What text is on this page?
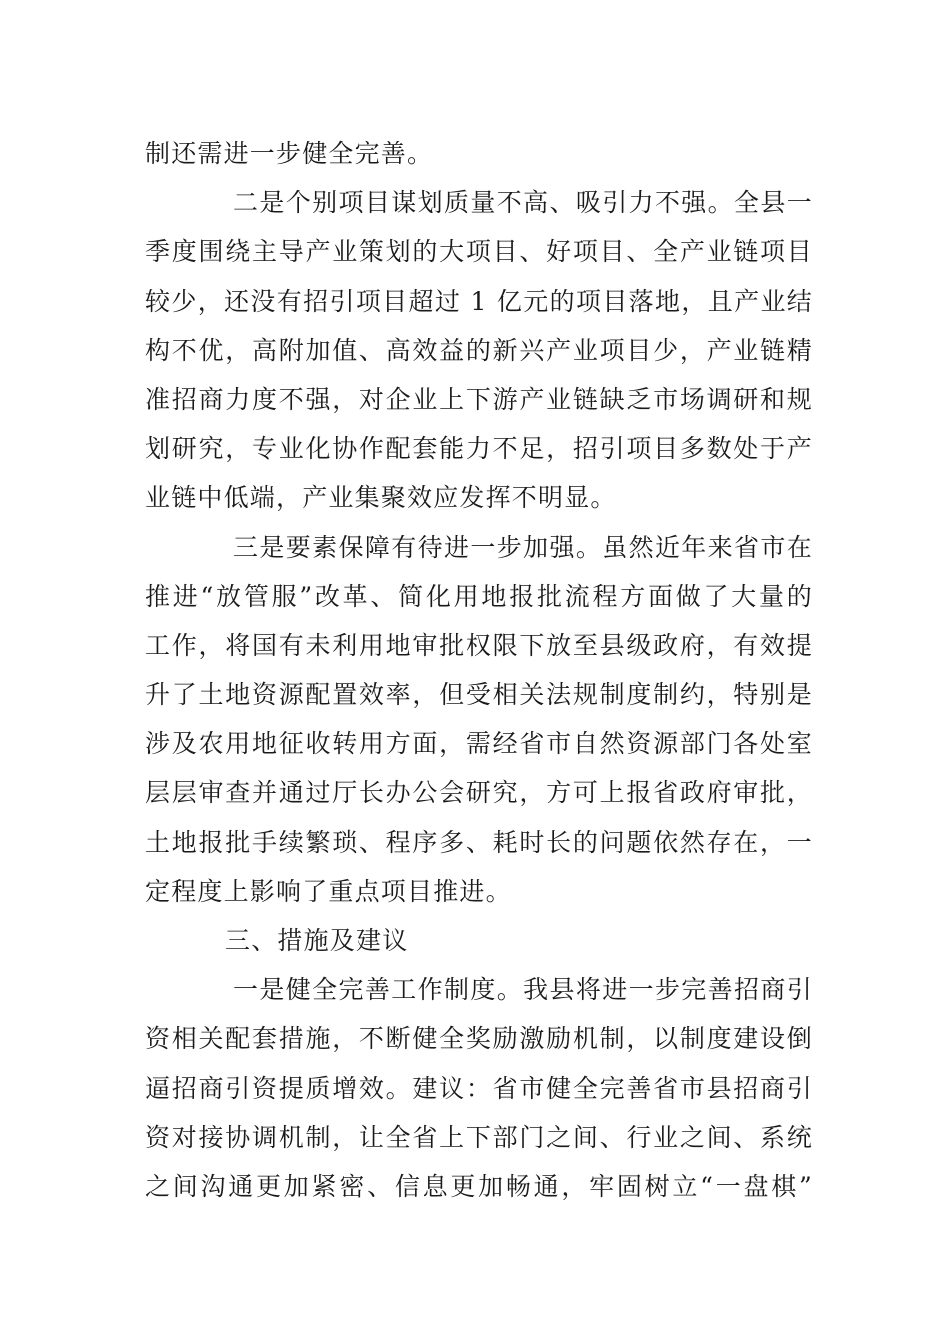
制还需进一步健全完善。
二是个别项目谋划质量不高、吸引力不强。全县一
季度围绕主导产业策划的大项目、好项目、全产业链项目
较少，还没有招引项目超过 1 亿元的项目落地，且产业结
构不优，高附加值、高效益的新兴产业项目少，产业链精
准招商力度不强，对企业上下游产业链缺乏市场调研和规
划研究，专业化协作配套能力不足，招引项目多数处于产
业链中低端，产业集聚效应发挥不明显。
三是要素保障有待进一步加强。虽然近年来省市在
推进“放管服”改革、简化用地报批流程方面做了大量的
工作，将国有未利用地审批权限下放至县级政府，有效提
升了土地资源配置效率，但受相关法规制度制约，特别是
涉及农用地征收转用方面，需经省市自然资源部门各处室
层层审查并通过厅长办公会研究，方可上报省政府审批，
土地报批手续繁琐、程序多、耗时长的问题依然存在，一
定程度上影响了重点项目推进。
三、措施及建议
一是健全完善工作制度。我县将进一步完善招商引
资相关配套措施，不断健全奖励激励机制，以制度建设倒
逼招商引资提质增效。建议：省市健全完善省市县招商引
资对接协调机制，让全省上下部门之间、行业之间、系统
之间沟通更加紧密、信息更加畅通，牢固树立“一盘棋”
